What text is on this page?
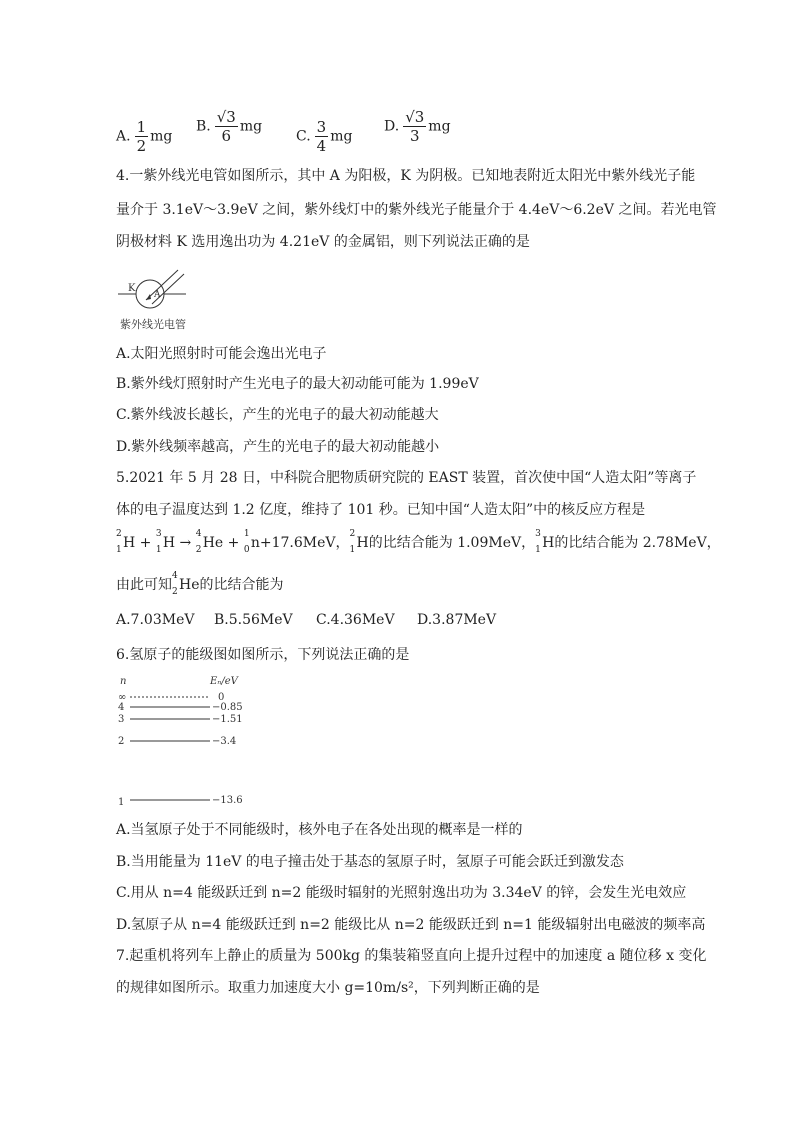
A. $\frac{1}{2}$ mg
B. $\frac{√3}{6}$ mg
C. $\frac{3}{4}$ mg
D. $\frac{√3}{3}$ mg
4.一紫外线光电管如图所示，其中 A 为阳极，K 为阴极。已知地表附近太阳光中紫外线光子能
量介于 3.1eV～3.9eV 之间，紫外线灯中的紫外线光子能量介于 4.4eV～6.2eV 之间。若光电管
阴极材料 K 选用逸出功为 4.21eV 的金属铝，则下列说法正确的是
K
A
紫外线光电管
A.太阳光照射时可能会逸出光电子
B.紫外线灯照射时产生光电子的最大初动能可能为 1.99eV
C.紫外线波长越长，产生的光电子的最大初动能越大
D.紫外线频率越高，产生的光电子的最大初动能越小
5.2021 年 5 月 28 日，中科院合肥物质研究院的 EAST 装置，首次使中国“人造太阳”等离子
体的电子温度达到 1.2 亿度，维持了 101 秒。已知中国“人造太阳”中的核反应方程是
2
1 H +
3
1 H →
4
2 He +
1
0 n+17.6MeV，
2
1 H的比结合能为 1.09MeV，
3
1 H的比结合能为 2.78MeV，
由此可知
4
2 He的比结合能为
A.7.03MeV B.5.56MeV C.4.36MeV D.3.87MeV
6.氢原子的能级图如图所示，下列说法正确的是
n	Eₙ/eV
∞	0
4	−0.85
3	−1.51
2	−3.4
1	−13.6
A.当氢原子处于不同能级时，核外电子在各处出现的概率是一样的
B.当用能量为 11eV 的电子撞击处于基态的氢原子时，氢原子可能会跃迁到激发态
C.用从 n=4 能级跃迁到 n=2 能级时辐射的光照射逸出功为 3.34eV 的锌，会发生光电效应
D.氢原子从 n=4 能级跃迁到 n=2 能级比从 n=2 能级跃迁到 n=1 能级辐射出电磁波的频率高
7.起重机将列车上静止的质量为 500kg 的集装箱竖直向上提升过程中的加速度 a 随位移 x 变化
的规律如图所示。取重力加速度大小 g=10m/s²，下列判断正确的是
